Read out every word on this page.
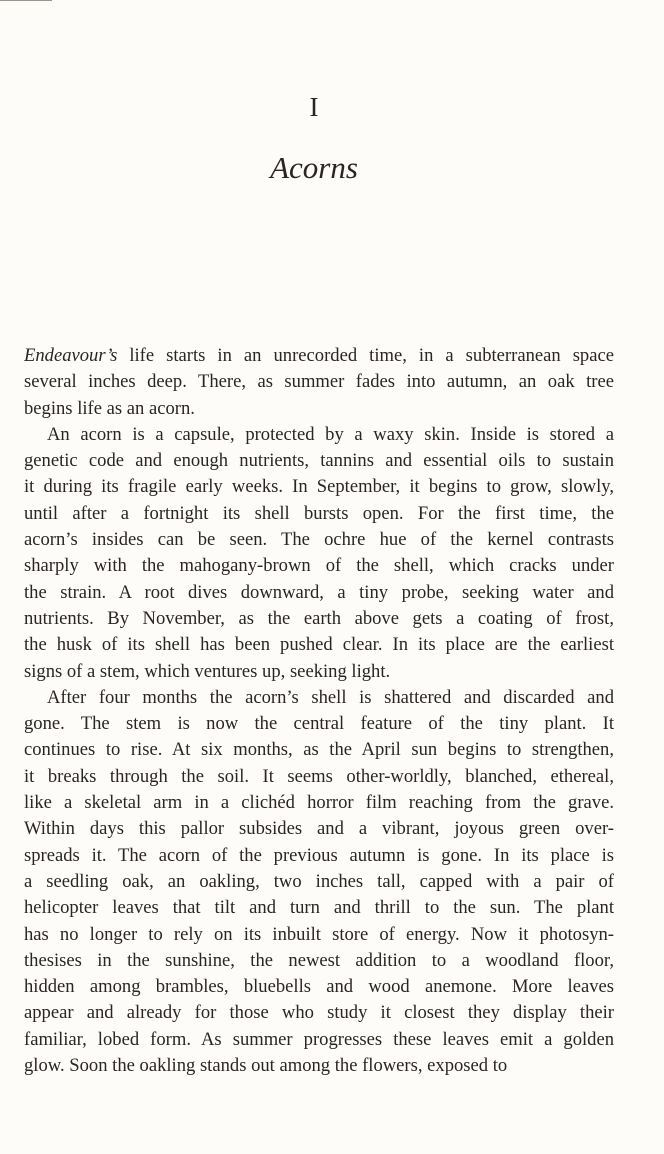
I
Acorns
Endeavour’s life starts in an unrecorded time, in a subterranean space
several inches deep. There, as summer fades into autumn, an oak tree
begins life as an acorn.
An acorn is a capsule, protected by a waxy skin. Inside is stored a
genetic code and enough nutrients, tannins and essential oils to sustain
it during its fragile early weeks. In September, it begins to grow, slowly,
until after a fortnight its shell bursts open. For the first time, the
acorn’s insides can be seen. The ochre hue of the kernel contrasts
sharply with the mahogany-brown of the shell, which cracks under
the strain. A root dives downward, a tiny probe, seeking water and
nutrients. By November, as the earth above gets a coating of frost,
the husk of its shell has been pushed clear. In its place are the earliest
signs of a stem, which ventures up, seeking light.
After four months the acorn’s shell is shattered and discarded and
gone. The stem is now the central feature of the tiny plant. It
continues to rise. At six months, as the April sun begins to strengthen,
it breaks through the soil. It seems other-worldly, blanched, ethereal,
like a skeletal arm in a clichéd horror film reaching from the grave.
Within days this pallor subsides and a vibrant, joyous green over-
spreads it. The acorn of the previous autumn is gone. In its place is
a seedling oak, an oakling, two inches tall, capped with a pair of
helicopter leaves that tilt and turn and thrill to the sun. The plant
has no longer to rely on its inbuilt store of energy. Now it photosyn-
thesises in the sunshine, the newest addition to a woodland floor,
hidden among brambles, bluebells and wood anemone. More leaves
appear and already for those who study it closest they display their
familiar, lobed form. As summer progresses these leaves emit a golden
glow. Soon the oakling stands out among the flowers, exposed to
